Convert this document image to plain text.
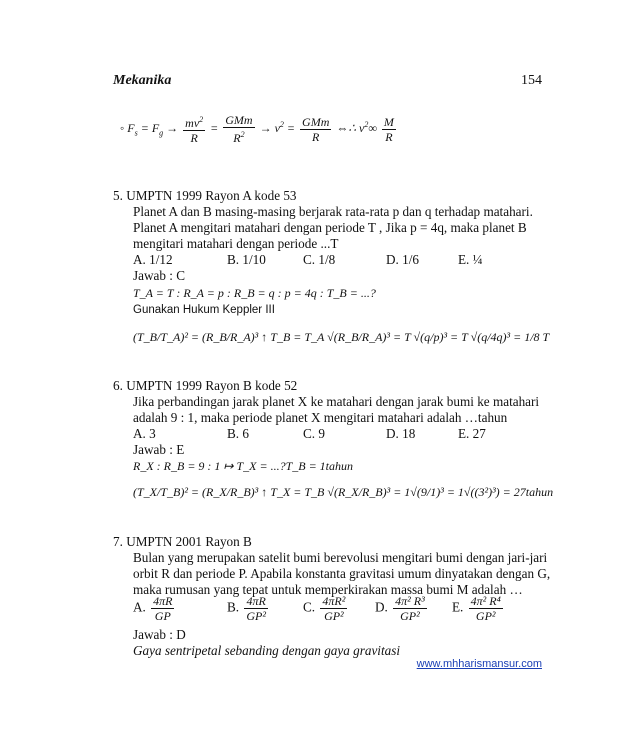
Mekanika	154
◦ $F_s = F_g \to \frac{mv^2}{R} = \frac{\text{GMm}}{R^2} \to v^2 = \frac{\text{GMm}}{R}$ ⇔∴ $v^2\infty \frac{M}{R}$
5. UMPTN 1999 Rayon A kode 53
Planet A dan B masing-masing berjarak rata-rata p dan q terhadap matahari.
Planet A mengitari matahari dengan periode T , Jika p = 4q, maka planet B
mengitari matahari dengan periode ...T
A. 1/12	B. 1/10	C. 1/8	D. 1/6	E. ¼
Jawab : C
T_A = T : R_A = p : R_B = q : p = 4q : T_B = ...?
Gunakan Hukum Keppler III
(T_B/T_A)² = (R_B/R_A)³ ↑ T_B = T_A √(R_B/R_A)³ = T √(q/p)³ = T √(q/4q)³ = 1/8 T
6. UMPTN 1999 Rayon B kode 52
Jika perbandingan jarak planet X ke matahari dengan jarak bumi ke matahari
adalah 9 : 1, maka periode planet X mengitari matahari adalah …tahun
A. 3	B. 6	C. 9	D. 18	E. 27
Jawab : E
R_X : R_B = 9 : 1 ↦ T_X = ...?T_B = 1tahun
(T_X/T_B)² = (R_X/R_B)³ ↑ T_X = T_B √(R_X/R_B)³ = 1√(9/1)³ = 1√((3²)³) = 27tahun
7. UMPTN 2001 Rayon B
Bulan yang merupakan satelit bumi berevolusi mengitari bumi dengan jari-jari
orbit R dan periode P. Apabila konstanta gravitasi umum dinyatakan dengan G,
maka rumusan yang tepat untuk memperkirakan massa bumi M adalah …
A. $\frac{4\pi R}{GP}$	B. $\frac{4\pi R}{\text{GP²}}$	C. $\frac{\text{4πR²}}{\text{GP²}} D$. $\frac{\text{4π² R³}}{\text{GP²}} E$. $\frac{\text{4π² R⁴}}{\text{GP²}}$
Jawab : D
Gaya sentripetal sebanding dengan gaya gravitasi
www.mhharismansur.com
